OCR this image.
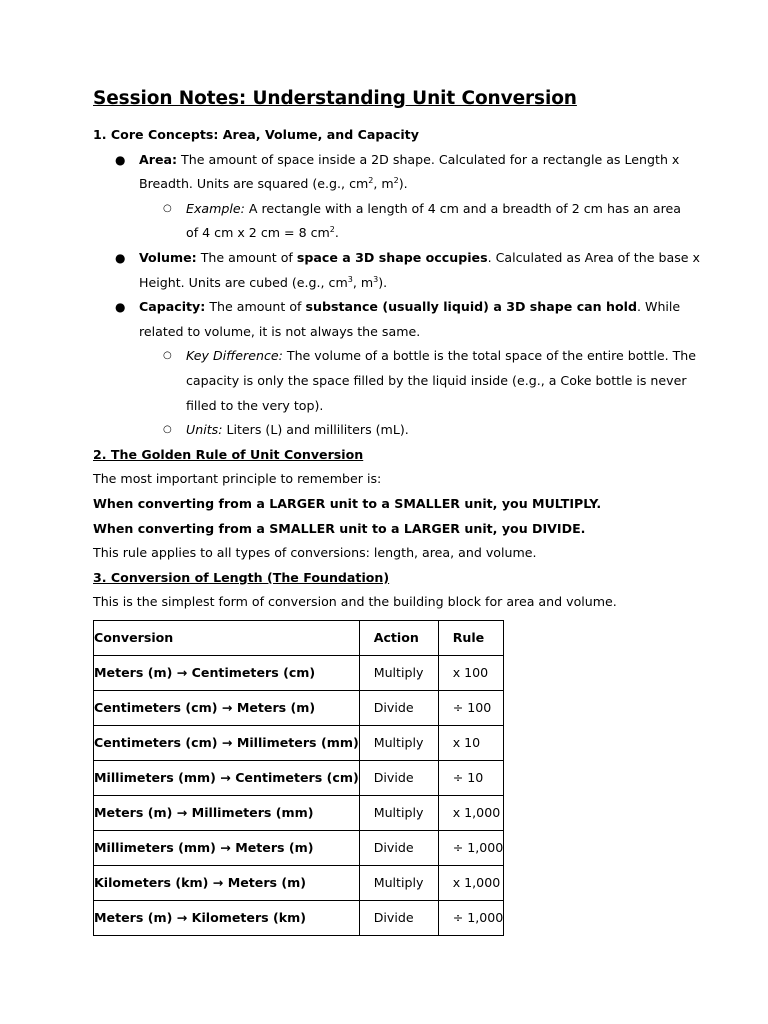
Session Notes: Understanding Unit Conversion

1. Core Concepts: Area, Volume, and Capacity

● Area: The amount of space inside a 2D shape. Calculated for a rectangle as Length x

Breadth. Units are squared (e.g., $cm^2$, $m^2$).

○ Example: A rectangle with a length of 4 cm and a breadth of 2 cm has an area

of 4 cm x 2 cm = 8 $cm^2$.

● Volume: The amount of space a 3D shape occupies. Calculated as Area of the base x

Height. Units are cubed (e.g., $cm^3$, $m^3$).

● Capacity: The amount of substance (usually liquid) a 3D shape can hold. While

related to volume, it is not always the same.

○ Key Difference: The volume of a bottle is the total space of the entire bottle. The

capacity is only the space filled by the liquid inside (e.g., a Coke bottle is never

filled to the very top).

○ Units: Liters (L) and milliliters (mL).

2. The Golden Rule of Unit Conversion

The most important principle to remember is:

When converting from a LARGER unit to a SMALLER unit, you MULTIPLY.

When converting from a SMALLER unit to a LARGER unit, you DIVIDE.

This rule applies to all types of conversions: length, area, and volume.

3. Conversion of Length (The Foundation)

This is the simplest form of conversion and the building block for area and volume.

Conversion	Action	Rule
Meters (m) → Centimeters (cm)	Multiply	x 100
Centimeters (cm) → Meters (m)	Divide	÷ 100
Centimeters (cm) → Millimeters (mm)	Multiply	x 10
Millimeters (mm) → Centimeters (cm)	Divide	÷ 10
Meters (m) → Millimeters (mm)	Multiply	x 1,000
Millimeters (mm) → Meters (m)	Divide	÷ 1,000
Kilometers (km) → Meters (m)	Multiply	x 1,000
Meters (m) → Kilometers (km)	Divide	÷ 1,000
